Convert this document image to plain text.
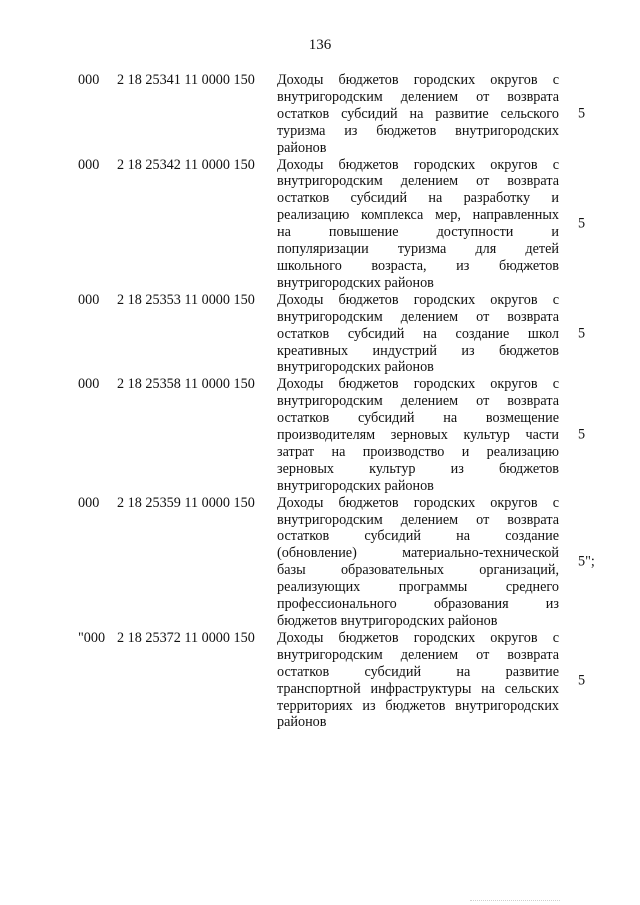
136
000 2 18 25341 11 0000 150 Доходы бюджетов городских округов с
внутригородским делением от возврата
остатков субсидий на развитие сельского
туризма из бюджетов внутригородских
районов
5
000 2 18 25342 11 0000 150 Доходы бюджетов городских округов с
внутригородским делением от возврата
остатков субсидий на разработку и
реализацию комплекса мер, направленных
на повышение доступности и
популяризации туризма для детей
школьного возраста, из бюджетов
внутригородских районов
5
000 2 18 25353 11 0000 150 Доходы бюджетов городских округов с
внутригородским делением от возврата
остатков субсидий на создание школ
креативных индустрий из бюджетов
внутригородских районов
5
000 2 18 25358 11 0000 150 Доходы бюджетов городских округов с
внутригородским делением от возврата
остатков субсидий на возмещение
производителям зерновых культур части
затрат на производство и реализацию
зерновых культур из бюджетов
внутригородских районов
5
000 2 18 25359 11 0000 150 Доходы бюджетов городских округов с
внутригородским делением от возврата
остатков субсидий на создание
(обновление) материально-технической
базы образовательных организаций,
реализующих программы среднего
профессионального образования из
бюджетов внутригородских районов
5";
"000 2 18 25372 11 0000 150 Доходы бюджетов городских округов с
внутригородским делением от возврата
остатков субсидий на развитие
транспортной инфраструктуры на сельских
территориях из бюджетов внутригородских
районов
5
